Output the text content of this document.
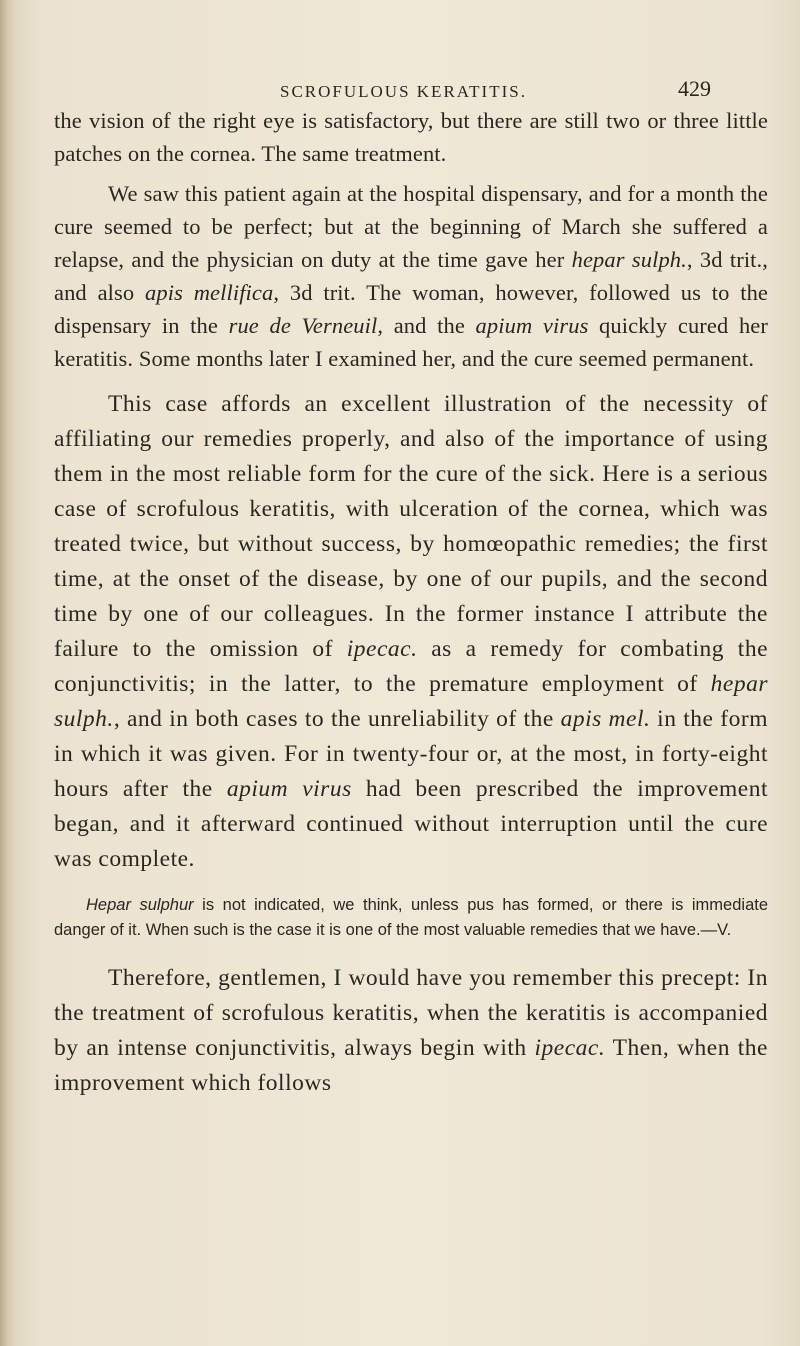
SCROFULOUS KERATITIS.	429

the vision of the right eye is satisfactory, but there are still two or three little patches on the cornea. The same treatment.

We saw this patient again at the hospital dispensary, and for a month the cure seemed to be perfect; but at the beginning of March she suffered a relapse, and the physician on duty at the time gave her hepar sulph., 3d trit., and also apis mellifica, 3d trit. The woman, however, followed us to the dispensary in the rue de Verneuil, and the apium virus quickly cured her keratitis. Some months later I examined her, and the cure seemed permanent.

This case affords an excellent illustration of the necessity of affiliating our remedies properly, and also of the importance of using them in the most reliable form for the cure of the sick. Here is a serious case of scrofulous keratitis, with ulceration of the cornea, which was treated twice, but without success, by homœopathic remedies; the first time, at the onset of the disease, by one of our pupils, and the second time by one of our colleagues. In the former instance I attribute the failure to the omission of ipecac. as a remedy for combating the conjunctivitis; in the latter, to the premature employment of hepar sulph., and in both cases to the unreliability of the apis mel. in the form in which it was given. For in twenty-four or, at the most, in forty-eight hours after the apium virus had been prescribed the improvement began, and it afterward continued without interruption until the cure was complete.

Hepar sulphur is not indicated, we think, unless pus has formed, or there is immediate danger of it. When such is the case it is one of the most valuable remedies that we have.—V.

Therefore, gentlemen, I would have you remember this precept: In the treatment of scrofulous keratitis, when the keratitis is accompanied by an intense conjunctivitis, always begin with ipecac. Then, when the improvement which follows
